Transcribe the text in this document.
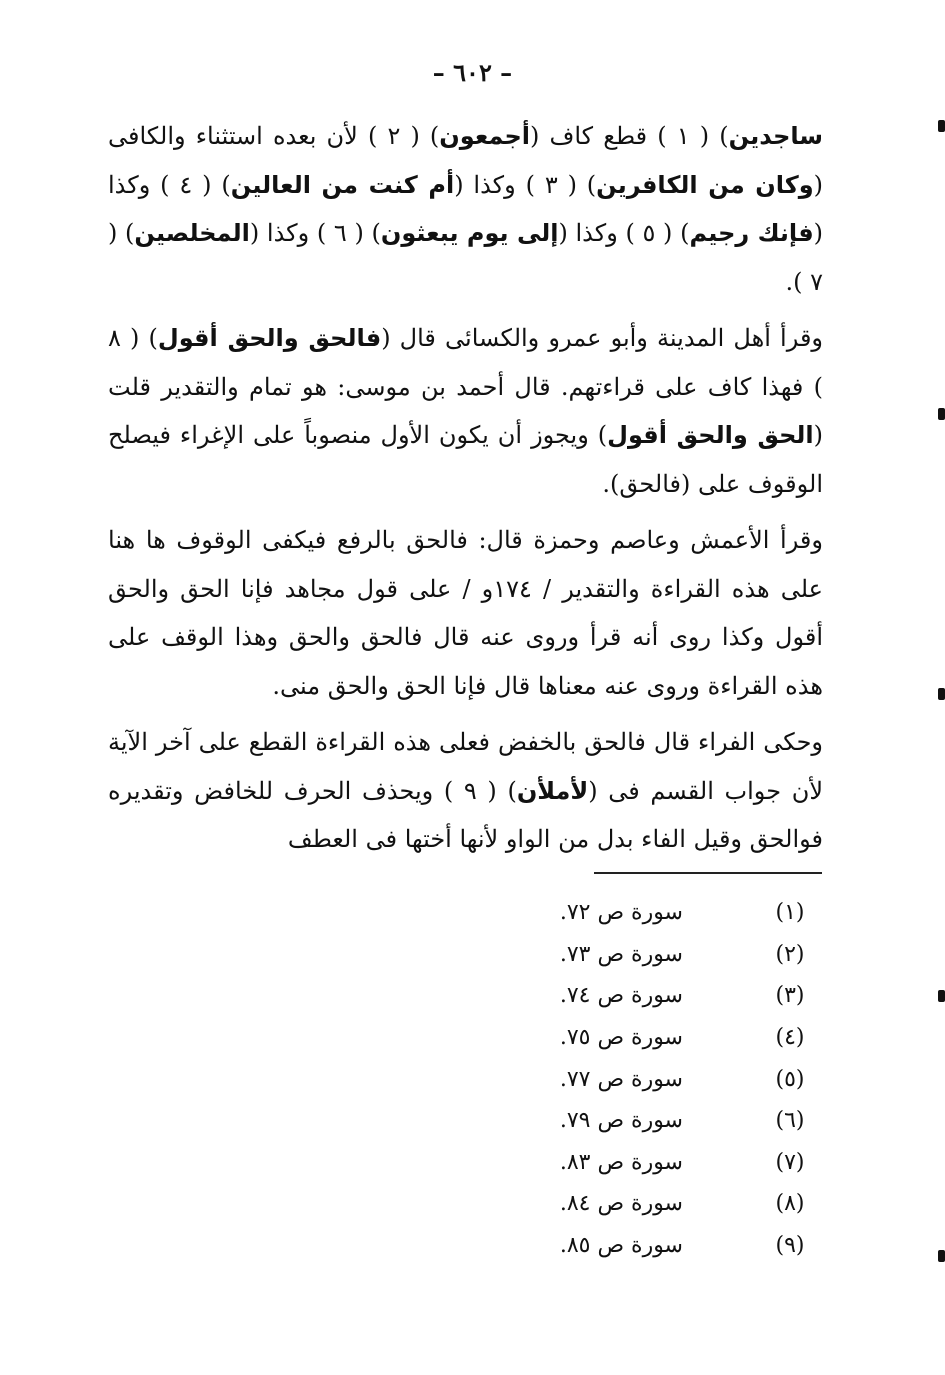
– ٦٠٢ –

ساجدين) ( ١ ) قطع كاف (أجمعون) ( ٢ ) لأن بعده استثناء والكافى (وكان من الكافرين) ( ٣ ) وكذا (أم كنت من العالين) ( ٤ ) وكذا (فإنك رجيم) ( ٥ ) وكذا (إلى يوم يبعثون) ( ٦ ) وكذا (المخلصين) ( ٧ ).

وقرأ أهل المدينة وأبو عمرو والكسائى قال (فالحق والحق أقول) ( ٨ ) فهذا كاف على قراءتهم. قال أحمد بن موسى: هو تمام والتقدير قلت (الحق والحق أقول) ويجوز أن يكون الأول منصوباً على الإغراء فيصلح الوقوف على (فالحق).

وقرأ الأعمش وعاصم وحمزة قال: فالحق بالرفع فيكفى الوقوف ها هنا على هذه القراءة والتقدير / ١٧٤و / على قول مجاهد فإنا الحق والحق أقول وكذا روى أنه قرأ وروى عنه قال فالحق والحق وهذا الوقف على هذه القراءة وروى عنه معناها قال فإنا الحق والحق منى.

وحكى الفراء قال فالحق بالخفض فعلى هذه القراءة القطع على آخر الآية لأن جواب القسم فى (لأملأن) ( ٩ ) ويحذف الحرف للخافض وتقديره فوالحق وقيل الفاء بدل من الواو لأنها أختها فى العطف

(١)
سورة ص ٧٢.
(٢)
سورة ص ٧٣.
(٣)
سورة ص ٧٤.
(٤)
سورة ص ٧٥.
(٥)
سورة ص ٧٧.
(٦)
سورة ص ٧٩.
(٧)
سورة ص ٨٣.
(٨)
سورة ص ٨٤.
(٩)
سورة ص ٨٥.
